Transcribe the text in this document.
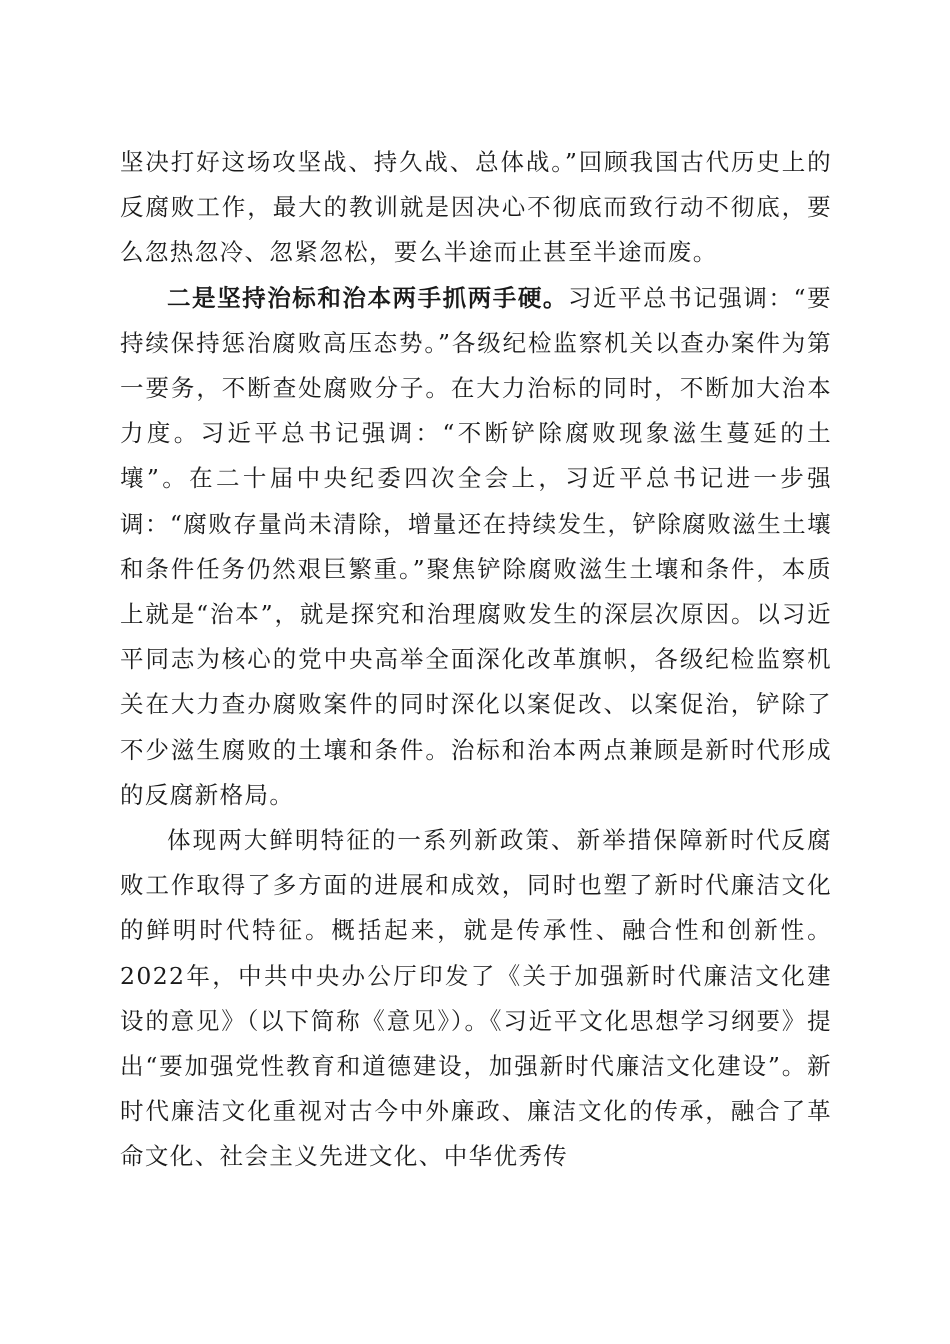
坚决打好这场攻坚战、持久战、总体战。”回顾我国古代历史上的反腐败工作，最大的教训就是因决心不彻底而致行动不彻底，要么忽热忽冷、忽紧忽松，要么半途而止甚至半途而废。

二是坚持治标和治本两手抓两手硬。习近平总书记强调：“要持续保持惩治腐败高压态势。”各级纪检监察机关以查办案件为第一要务，不断查处腐败分子。在大力治标的同时，不断加大治本力度。习近平总书记强调：“不断铲除腐败现象滋生蔓延的土壤”。在二十届中央纪委四次全会上，习近平总书记进一步强调：“腐败存量尚未清除，增量还在持续发生，铲除腐败滋生土壤和条件任务仍然艰巨繁重。”聚焦铲除腐败滋生土壤和条件，本质上就是“治本”，就是探究和治理腐败发生的深层次原因。以习近平同志为核心的党中央高举全面深化改革旗帜，各级纪检监察机关在大力查办腐败案件的同时深化以案促改、以案促治，铲除了不少滋生腐败的土壤和条件。治标和治本两点兼顾是新时代形成的反腐新格局。

体现两大鲜明特征的一系列新政策、新举措保障新时代反腐败工作取得了多方面的进展和成效，同时也塑了新时代廉洁文化的鲜明时代特征。概括起来，就是传承性、融合性和创新性。2022年，中共中央办公厅印发了《关于加强新时代廉洁文化建设的意见》（以下简称《意见》）。《习近平文化思想学习纲要》提出“要加强党性教育和道德建设，加强新时代廉洁文化建设”。新时代廉洁文化重视对古今中外廉政、廉洁文化的传承，融合了革命文化、社会主义先进文化、中华优秀传
